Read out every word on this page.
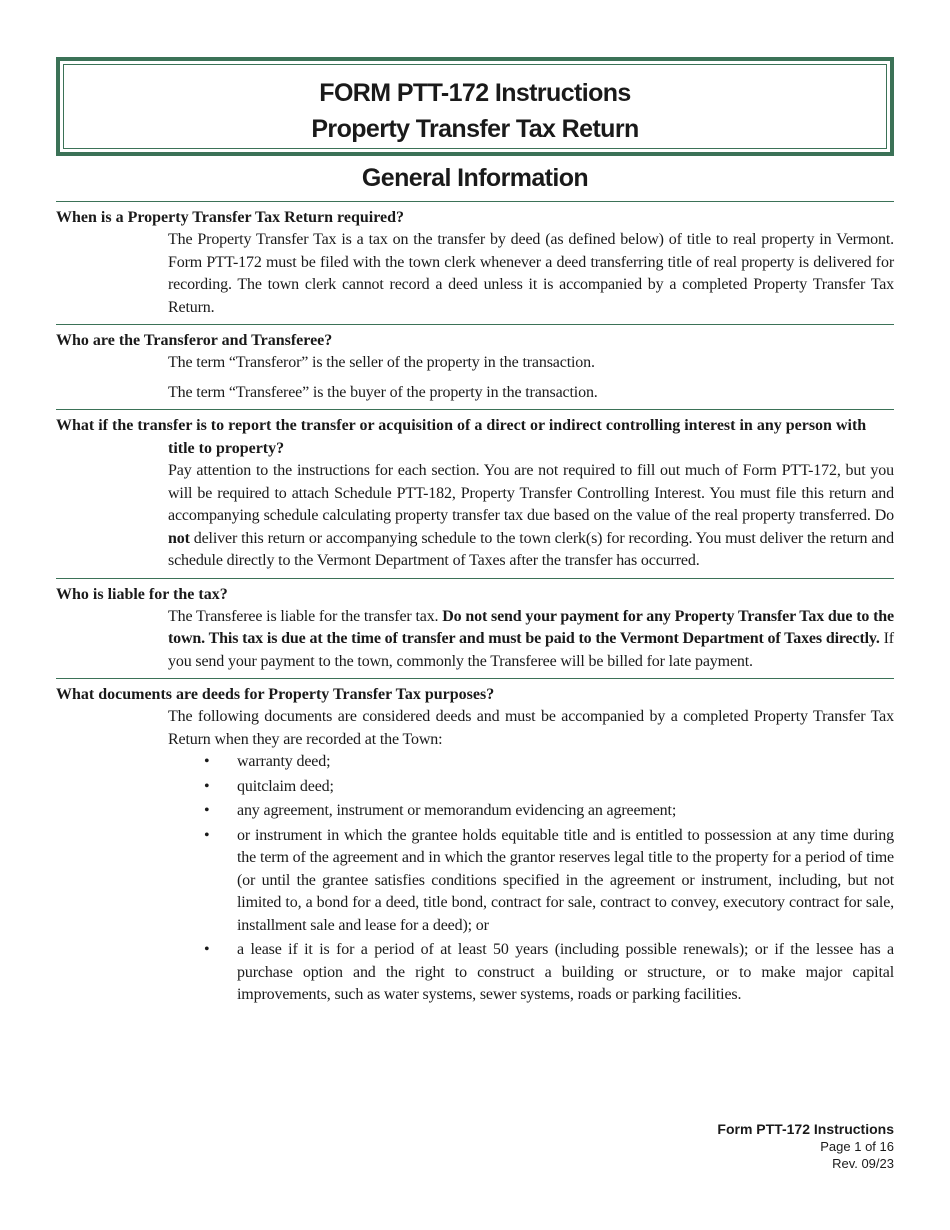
FORM PTT-172 Instructions
Property Transfer Tax Return
General Information
When is a Property Transfer Tax Return required?
The Property Transfer Tax is a tax on the transfer by deed (as defined below) of title to real property in Vermont. Form PTT-172 must be filed with the town clerk whenever a deed transferring title of real property is delivered for recording. The town clerk cannot record a deed unless it is accompanied by a completed Property Transfer Tax Return.
Who are the Transferor and Transferee?
The term “Transferor” is the seller of the property in the transaction.
The term “Transferee” is the buyer of the property in the transaction.
What if the transfer is to report the transfer or acquisition of a direct or indirect controlling interest in any person with title to property?
Pay attention to the instructions for each section. You are not required to fill out much of Form PTT-172, but you will be required to attach Schedule PTT-182, Property Transfer Controlling Interest. You must file this return and accompanying schedule calculating property transfer tax due based on the value of the real property transferred. Do not deliver this return or accompanying schedule to the town clerk(s) for recording. You must deliver the return and schedule directly to the Vermont Department of Taxes after the transfer has occurred.
Who is liable for the tax?
The Transferee is liable for the transfer tax. Do not send your payment for any Property Transfer Tax due to the town. This tax is due at the time of transfer and must be paid to the Vermont Department of Taxes directly. If you send your payment to the town, commonly the Transferee will be billed for late payment.
What documents are deeds for Property Transfer Tax purposes?
The following documents are considered deeds and must be accompanied by a completed Property Transfer Tax Return when they are recorded at the Town:
• warranty deed;
• quitclaim deed;
• any agreement, instrument or memorandum evidencing an agreement;
• or instrument in which the grantee holds equitable title and is entitled to possession at any time during the term of the agreement and in which the grantor reserves legal title to the property for a period of time (or until the grantee satisfies conditions specified in the agreement or instrument, including, but not limited to, a bond for a deed, title bond, contract for sale, contract to convey, executory contract for sale, installment sale and lease for a deed); or
• a lease if it is for a period of at least 50 years (including possible renewals); or if the lessee has a purchase option and the right to construct a building or structure, or to make major capital improvements, such as water systems, sewer systems, roads or parking facilities.
Form PTT-172 Instructions
Page 1 of 16
Rev. 09/23
